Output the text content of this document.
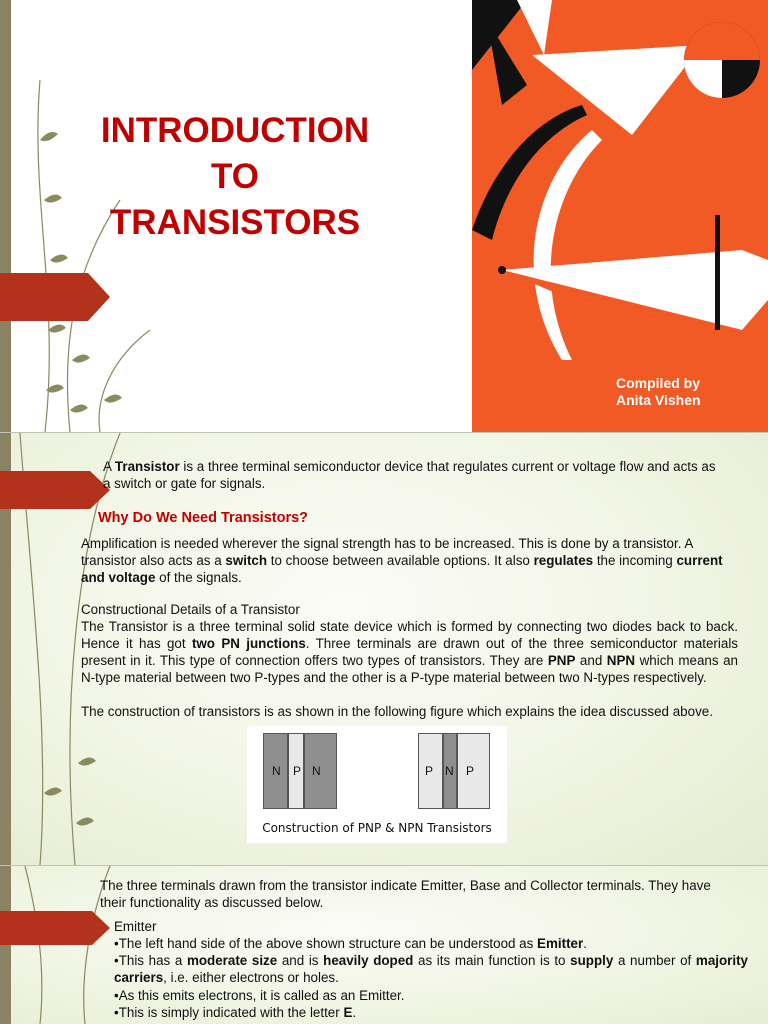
INTRODUCTION
TO
TRANSISTORS
Compiled by
Anita Vishen
A Transistor is a three terminal semiconductor device that regulates current or voltage flow and acts as a switch or gate for signals.
Why Do We Need Transistors?
Amplification is needed wherever the signal strength has to be increased. This is done by a transistor. A transistor also acts as a switch to choose between available options. It also regulates the incoming current and voltage of the signals.
Constructional Details of a Transistor
The Transistor is a three terminal solid state device which is formed by connecting two diodes back to back. Hence it has got two PN junctions. Three terminals are drawn out of the three semiconductor materials present in it. This type of connection offers two types of transistors. They are PNP and NPN which means an N-type material between two P-types and the other is a P-type material between two N-types respectively.
The construction of transistors is as shown in the following figure which explains the idea discussed above.
N P N	P N P
Construction of PNP & NPN Transistors
The three terminals drawn from the transistor indicate Emitter, Base and Collector terminals. They have their functionality as discussed below.
Emitter
•The left hand side of the above shown structure can be understood as Emitter.
•This has a moderate size and is heavily doped as its main function is to supply a number of majority carriers, i.e. either electrons or holes.
•As this emits electrons, it is called as an Emitter.
•This is simply indicated with the letter E.
